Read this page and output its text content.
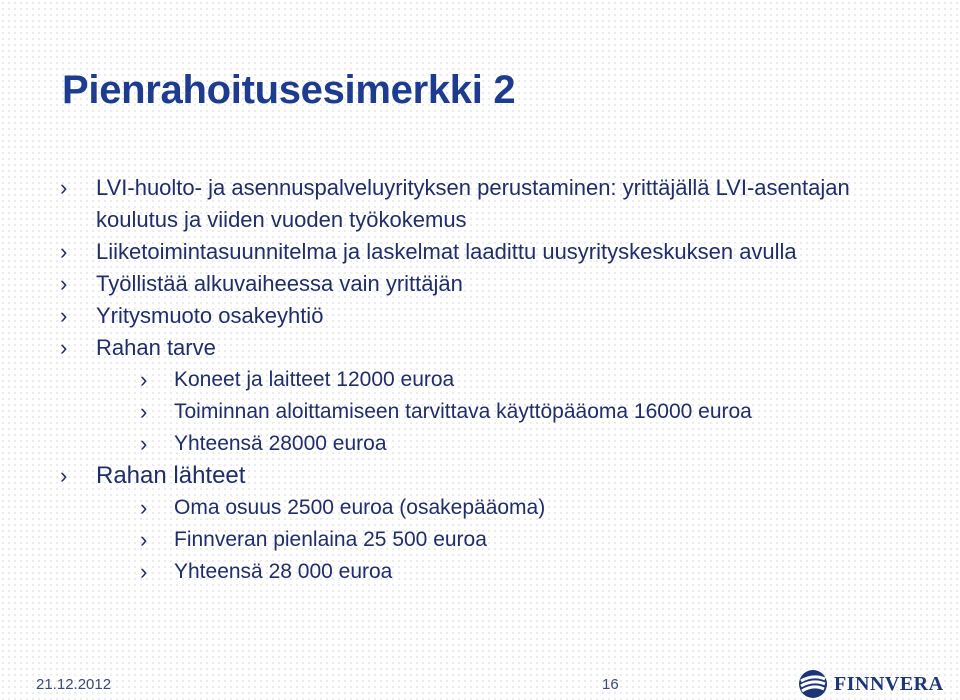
Pienrahoitusesimerkki 2
› LVI-huolto- ja asennuspalveluyrityksen perustaminen: yrittäjällä LVI-asentajan koulutus ja viiden vuoden työkokemus
› Liiketoimintasuunnitelma ja laskelmat laadittu uusyrityskeskuksen avulla
› Työllistää alkuvaiheessa vain yrittäjän
› Yritysmuoto osakeyhtiö
› Rahan tarve
› Koneet ja laitteet 12000 euroa
› Toiminnan aloittamiseen tarvittava käyttöpääoma 16000 euroa
› Yhteensä 28000 euroa
› Rahan lähteet
› Oma osuus 2500 euroa (osakepääoma)
› Finnveran pienlaina 25 500 euroa
› Yhteensä 28 000 euroa
21.12.2012	16	FINNVERA
